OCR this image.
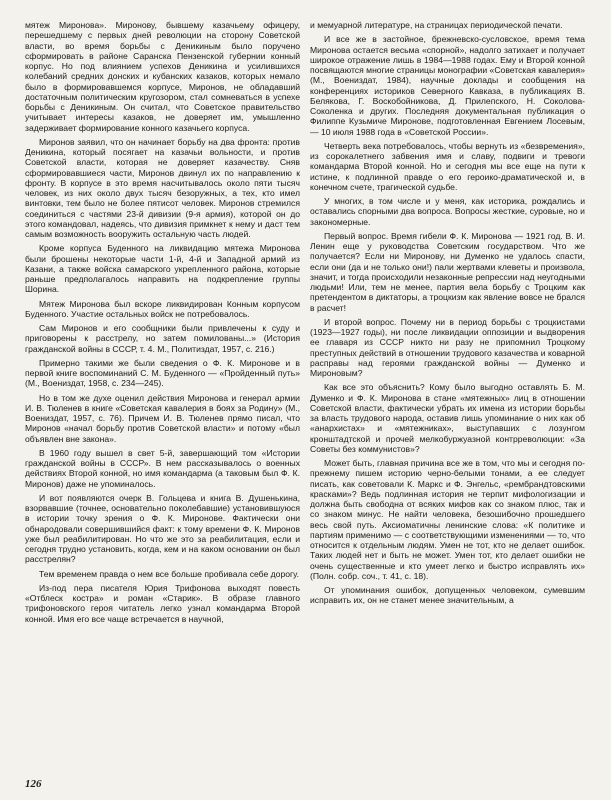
мятеж Миронова». Миронову, бывшему казачьему офицеру, перешедшему с первых дней революции на сторону Советской власти, во время борьбы с Деникиным было поручено сформировать в районе Саранска Пензенской губернии конный корпус. Но под влиянием успехов Деникина и усилившихся колебаний средних донских и кубанских казаков, которых немало было в формировавшемся корпусе, Миронов, не обладавший достаточным политическим кругозором, стал сомневаться в успехе борьбы с Деникиным. Он считал, что Советское правительство учитывает интересы казаков, не доверяет им, умышленно задерживает формирование конного казачьего корпуса.

Миронов заявил, что он начинает борьбу на два фронта: против Деникина, который посягает на казачьи вольности, и против Советской власти, которая не доверяет казачеству. Сняв сформировавшиеся части, Миронов двинул их по направлению к фронту. В корпусе в это время насчитывалось около пяти тысяч человек, из них около двух тысяч безоружных, а тех, кто имел винтовки, тем было не более пятисот человек. Миронов стремился соединиться с частями 23-й дивизии (9-я армия), которой он до этого командовал, надеясь, что дивизия примкнет к нему и даст тем самым возможность вооружить остальную часть людей.

Кроме корпуса Буденного на ликвидацию мятежа Миронова были брошены некоторые части 1-й, 4-й и Западной армий из Казани, а также войска самарского укрепленного района, которые раньше предполагалось направить на подкрепление группы Шорина.

Мятеж Миронова был вскоре ликвидирован Конным корпусом Буденного. Участие остальных войск не потребовалось.

Сам Миронов и его сообщники были привлечены к суду и приговорены к расстрелу, но затем помилованы...» (История гражданской войны в СССР, т. 4. М., Политиздат, 1957, с. 216.)

Примерно такими же были сведения о Ф. К. Миронове и в первой книге воспоминаний С. М. Буденного — «Пройденный путь» (М., Воениздат, 1958, с. 234—245).

Но в том же духе оценил действия Миронова и генерал армии И. В. Тюленев в книге «Советская кавалерия в боях за Родину» (М., Воениздат, 1957, с. 76). Причем И. В. Тюленев прямо писал, что Миронов «начал борьбу против Советской власти» и потому «был объявлен вне закона».

В 1960 году вышел в свет 5-й, завершающий том «Истории гражданской войны в СССР». В нем рассказывалось о военных действиях Второй конной, но имя командарма (а таковым был Ф. К. Миронов) даже не упоминалось.

И вот появляются очерк В. Гольцева и книга В. Душенькина, взорвавшие (точнее, основательно поколебавшие) установившуюся в истории точку зрения о Ф. К. Миронове. Фактически они обнародовали совершившийся факт: к тому времени Ф. К. Миронов уже был реабилитирован. Но что же это за реабилитация, если и сегодня трудно установить, когда, кем и на каком основании он был расстрелян?

Тем временем правда о нем все больше пробивала себе дорогу.

Из-под пера писателя Юрия Трифонова выходят повесть «Отблеск костра» и роман «Старик». В образе главного трифоновского героя читатель легко узнал командарма Второй конной. Имя его все чаще встречается в научной,

и мемуарной литературе, на страницах периодической печати.

И все же в застойное, брежневско-сусловское, время тема Миронова остается весьма «спорной», надолго затихает и получает широкое отражение лишь в 1984—1988 годах. Ему и Второй конной посвящаются многие страницы монографии «Советская кавалерия» (М., Воениздат, 1984), научные доклады и сообщения на конференциях историков Северного Кавказа, в публикациях В. Белякова, Г. Воскобойникова, Д. Прилепского, Н. Соколова-Соколенка и других. Последняя документальная публикация о Филиппе Кузьмиче Миронове, подготовленная Евгением Лосевым, — 10 июля 1988 года в «Советской России».

Четверть века потребовалось, чтобы вернуть из «безвремения», из сорокалетнего забвения имя и славу, подвиги и тревоги командарма Второй конной. Но и сегодня мы все еще на пути к истине, к подлинной правде о его героико-драматической и, в конечном счете, трагической судьбе.

У многих, в том числе и у меня, как историка, рождались и оставались спорными два вопроса. Вопросы жесткие, суровые, но и закономерные.

Первый вопрос. Время гибели Ф. К. Миронова — 1921 год. В. И. Ленин еще у руководства Советским государством. Что же получается? Если ни Миронову, ни Думенко не удалось спасти, если они (да и не только они!) пали жертвами клеветы и произвола, значит, и тогда происходили незаконные репрессии над неугодными людьми! Или, тем не менее, партия вела борьбу с Троцким как претендентом в диктаторы, а троцкизм как явление вовсе не брался в расчет!

И второй вопрос. Почему ни в период борьбы с троцкистами (1923—1927 годы), ни после ликвидации оппозиции и выдворения ее главаря из СССР никто ни разу не припомнил Троцкому преступных действий в отношении трудового казачества и коварной расправы над героями гражданской войны — Думенко и Мироновым?

Как все это объяснить? Кому было выгодно оставлять Б. М. Думенко и Ф. К. Миронова в стане «мятежных» лиц в отношении Советской власти, фактически убрать их имена из истории борьбы за власть трудового народа, оставив лишь упоминание о них как об «анархистах» и «мятежниках», выступавших с лозунгом кронштадтской и прочей мелкобуржуазной контрреволюции: «За Советы без коммунистов»?

Может быть, главная причина все же в том, что мы и сегодня по-прежнему пишем историю черно-белыми тонами, а ее следует писать, как советовали К. Маркс и Ф. Энгельс, «рембрандтовскими красками»? Ведь подлинная история не терпит мифологизации и должна быть свободна от всяких мифов как со знаком плюс, так и со знаком минус. Не найти человека, безошибочно прошедшего весь свой путь. Аксиоматичны ленинские слова: «К политике и партиям применимо — с соответствующими изменениями — то, что относится к отдельным людям. Умен не тот, кто не делает ошибок. Таких людей нет и быть не может. Умен тот, кто делает ошибки не очень существенные и кто умеет легко и быстро исправлять их» (Полн. собр. соч., т. 41, с. 18).

От упоминания ошибок, допущенных человеком, сумевшим исправить их, он не станет менее значительным, а

126
